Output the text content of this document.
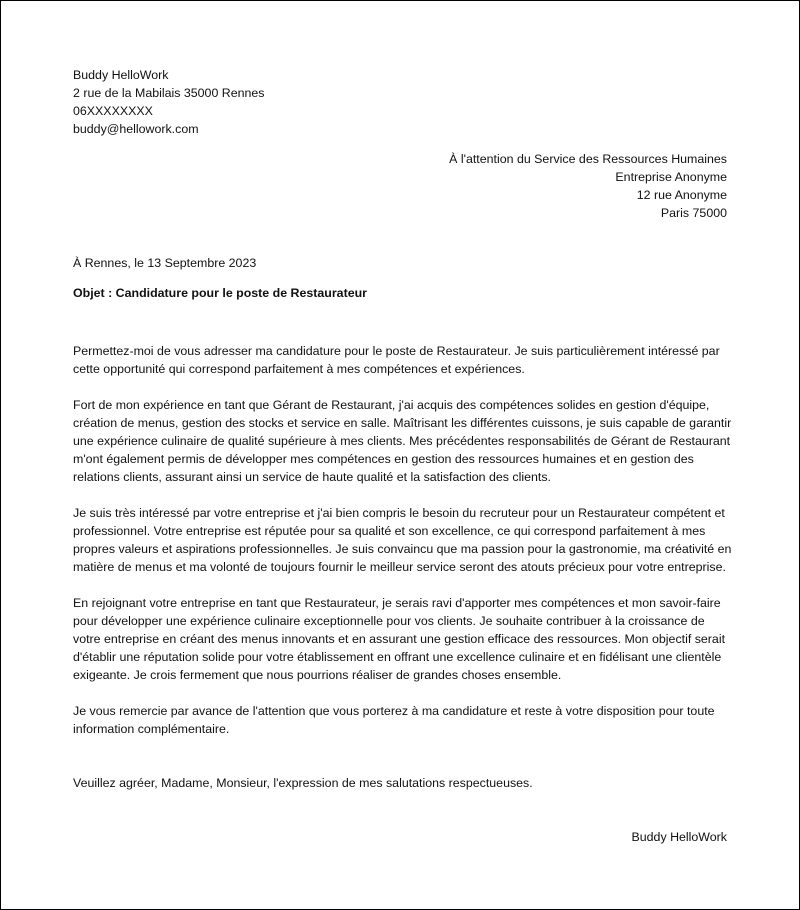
Buddy HelloWork
2 rue de la Mabilais 35000 Rennes
06XXXXXXXX
buddy@hellowork.com
À l'attention du Service des Ressources Humaines
Entreprise Anonyme
12 rue Anonyme
Paris 75000
À Rennes, le 13 Septembre 2023
Objet : Candidature pour le poste de Restaurateur

Permettez-moi de vous adresser ma candidature pour le poste de Restaurateur. Je suis particulièrement intéressé par cette opportunité qui correspond parfaitement à mes compétences et expériences.

Fort de mon expérience en tant que Gérant de Restaurant, j'ai acquis des compétences solides en gestion d'équipe, création de menus, gestion des stocks et service en salle. Maîtrisant les différentes cuissons, je suis capable de garantir une expérience culinaire de qualité supérieure à mes clients. Mes précédentes responsabilités de Gérant de Restaurant m'ont également permis de développer mes compétences en gestion des ressources humaines et en gestion des relations clients, assurant ainsi un service de haute qualité et la satisfaction des clients.

Je suis très intéressé par votre entreprise et j'ai bien compris le besoin du recruteur pour un Restaurateur compétent et professionnel. Votre entreprise est réputée pour sa qualité et son excellence, ce qui correspond parfaitement à mes propres valeurs et aspirations professionnelles. Je suis convaincu que ma passion pour la gastronomie, ma créativité en matière de menus et ma volonté de toujours fournir le meilleur service seront des atouts précieux pour votre entreprise.

En rejoignant votre entreprise en tant que Restaurateur, je serais ravi d'apporter mes compétences et mon savoir-faire pour développer une expérience culinaire exceptionnelle pour vos clients. Je souhaite contribuer à la croissance de votre entreprise en créant des menus innovants et en assurant une gestion efficace des ressources. Mon objectif serait d'établir une réputation solide pour votre établissement en offrant une excellence culinaire et en fidélisant une clientèle exigeante. Je crois fermement que nous pourrions réaliser de grandes choses ensemble.

Je vous remercie par avance de l'attention que vous porterez à ma candidature et reste à votre disposition pour toute information complémentaire.

Veuillez agréer, Madame, Monsieur, l'expression de mes salutations respectueuses.
Buddy HelloWork
